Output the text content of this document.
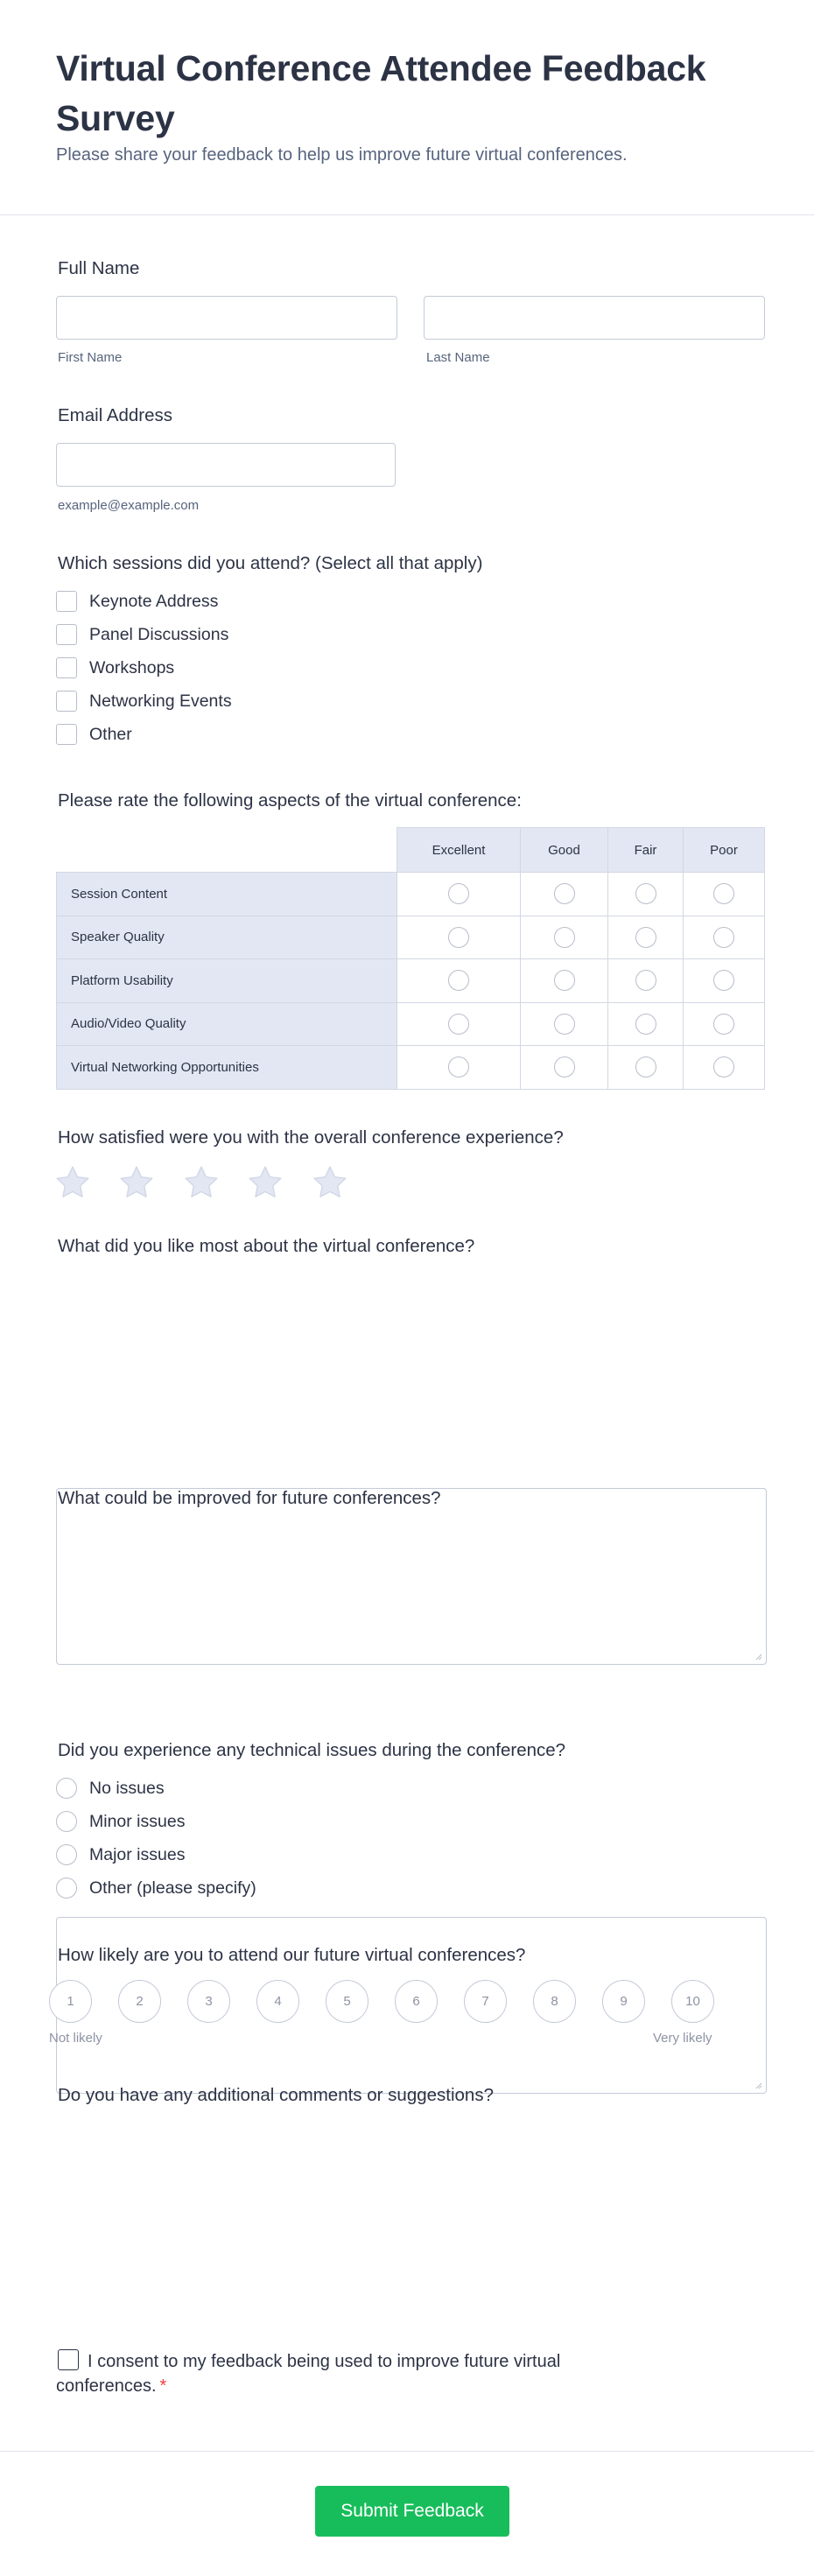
Virtual Conference Attendee Feedback Survey

Please share your feedback to help us improve future virtual conferences.

Full Name
First Name	Last Name
Email Address
example@example.com
Which sessions did you attend? (Select all that apply)
Keynote Address
Panel Discussions
Workshops
Networking Events
Other
Please rate the following aspects of the virtual conference:
	Excellent	Good	Fair	Poor
Session Content				
Speaker Quality				
Platform Usability				
Audio/Video Quality				
Virtual Networking Opportunities				
How satisfied were you with the overall conference experience?

What did you like most about the virtual conference?
What could be improved for future conferences?
Did you experience any technical issues during the conference?
No issues
Minor issues
Major issues
Other (please specify)
How likely are you to attend our future virtual conferences?
1	2	3	4	5	6	7	8	9	10
Not likely	Very likely
Do you have any additional comments or suggestions?
I consent to my feedback being used to improve future virtual
conferences. *
Submit Feedback
